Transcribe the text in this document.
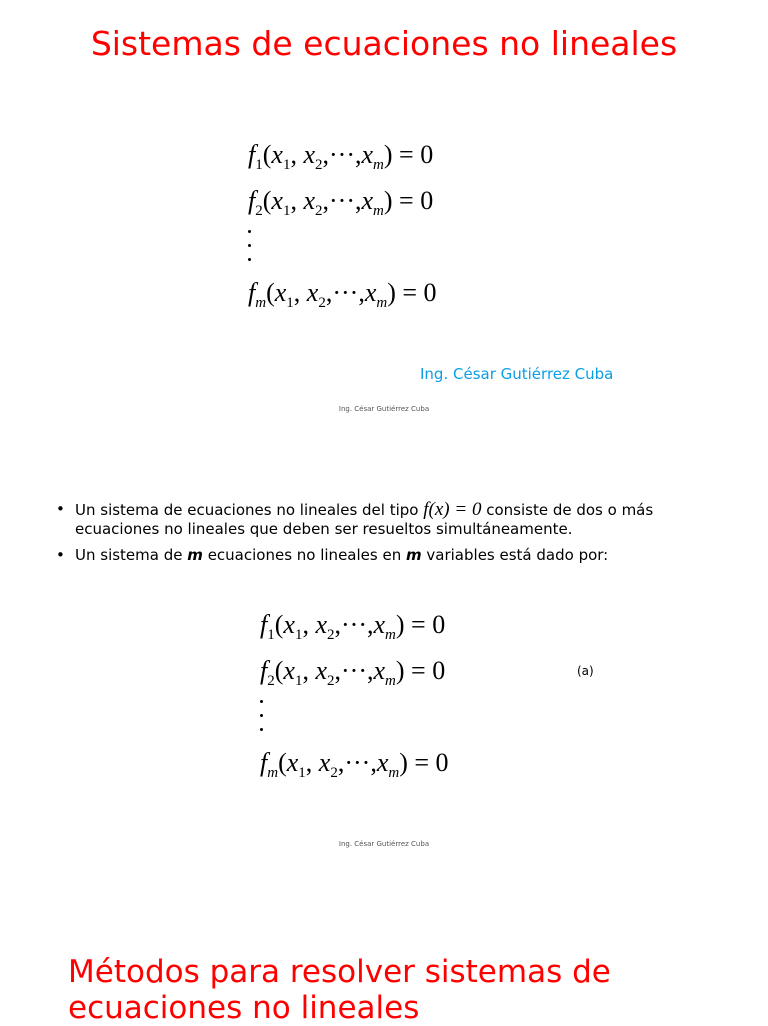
Sistemas de ecuaciones no lineales
$f_1(x_1$, $x_2,\cdot\cdot\cdot,x_m) = 0$
$f_2(x_1$, $x_2,\cdot\cdot\cdot,x_m) = 0$
$f_m(x_1$, $x_2,\cdot\cdot\cdot,x_m) = 0$
Ing. César Gutiérrez Cuba
Ing. César Gutiérrez Cuba
• Un sistema de ecuaciones no lineales del tipo f(x) = 0 consiste de dos o más ecuaciones no lineales que deben ser resueltos simultáneamente.
• Un sistema de m ecuaciones no lineales en m variables está dado por:
$f_1(x_1$, $x_2,\cdot\cdot\cdot,x_m) = 0$
$f_2(x_1$, $x_2,\cdot\cdot\cdot,x_m) = 0$
$f_m(x_1$, $x_2,\cdot\cdot\cdot,x_m) = 0$
(a)
Ing. César Gutiérrez Cuba
Métodos para resolver sistemas de ecuaciones no lineales
